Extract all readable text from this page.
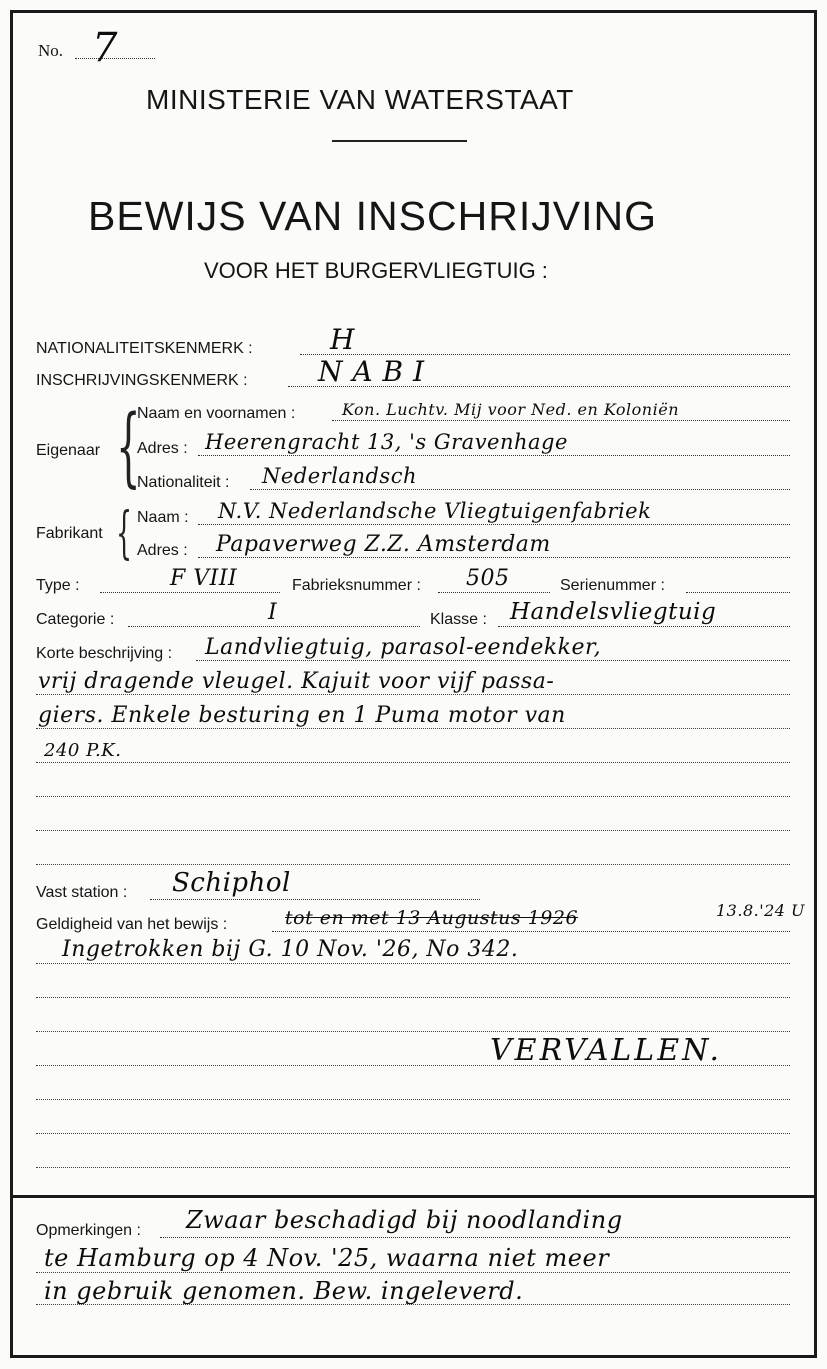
No. 7
MINISTERIE VAN WATERSTAAT
BEWIJS VAN INSCHRIJVING
VOOR HET BURGERVLIEGTUIG :
NATIONALITEITSKENMERK :	H
INSCHRIJVINGSKENMERK :	N A B I
Eigenaar {
Naam en voornamen :	Kon. Luchtv. Mij voor Ned. en Koloniën
Adres : Heerengracht 13, 's Gravenhage
Nationaliteit : Nederlandsch
Fabrikant { Naam : N.V. Nederlandsche Vliegtuigenfabriek
Adres : Papaverweg Z.Z. Amsterdam
Type :	F VIII	Fabrieksnummer : 505	Serienummer :
Categorie :	I	Klasse : Handelsvliegtuig
Korte beschrijving : Landvliegtuig, parasol-eendekker,
vrij dragende vleugel. Kajuit voor vijf passa-
giers. Enkele besturing en 1 Puma motor van
240 P.K.
Vast station : Schiphol
Geldigheid van het bewijs :	tot en met 13 Augustus 1926	13.8.'24 U
Ingetrokken bij G. 10 Nov. '26, No 342.
VERVALLEN.
Opmerkingen : Zwaar beschadigd bij noodlanding
te Hamburg op 4 Nov. '25, waarna niet meer
in gebruik genomen. Bew. ingeleverd.
